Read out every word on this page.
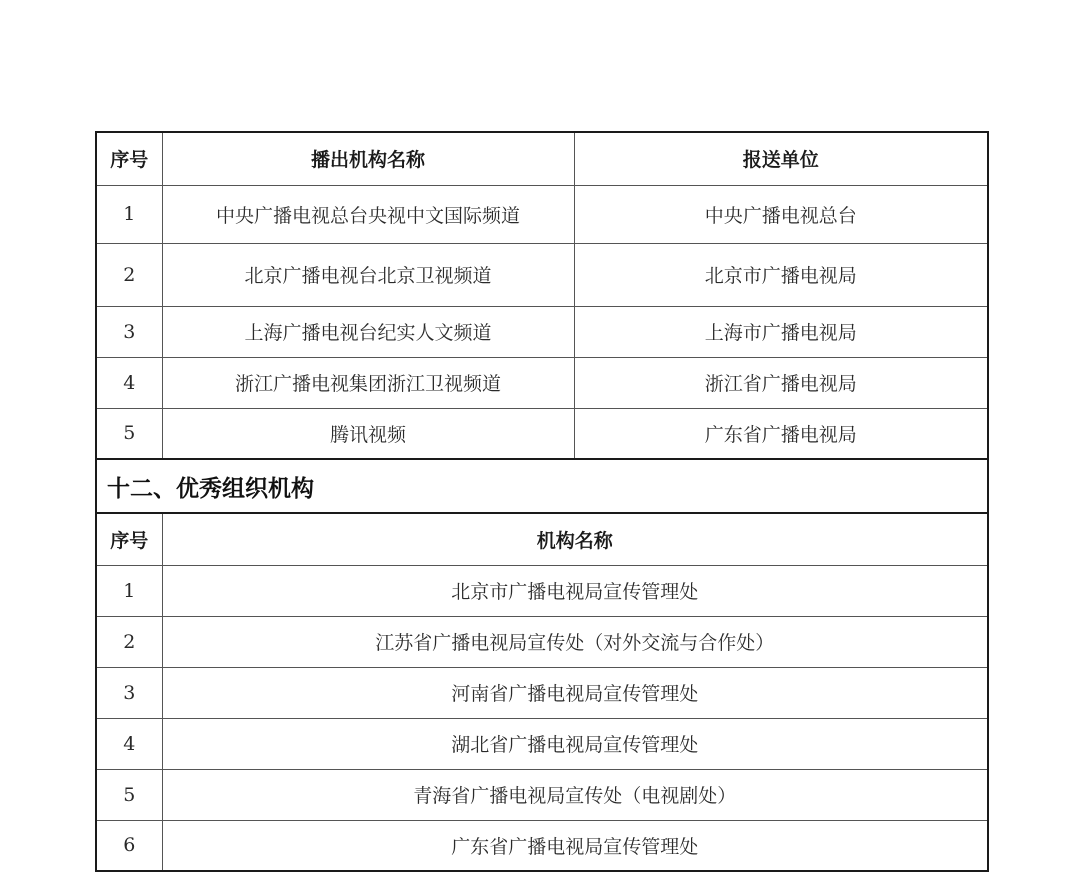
序号	播出机构名称	报送单位
1	中央广播电视总台央视中文国际频道	中央广播电视总台
2	北京广播电视台北京卫视频道	北京市广播电视局
3	上海广播电视台纪实人文频道	上海市广播电视局
4	浙江广播电视集团浙江卫视频道	浙江省广播电视局
5	腾讯视频	广东省广播电视局
十二、优秀组织机构		
序号	机构名称	
1	北京市广播电视局宣传管理处	
2	江苏省广播电视局宣传处（对外交流与合作处）	
3	河南省广播电视局宣传管理处	
4	湖北省广播电视局宣传管理处	
5	青海省广播电视局宣传处（电视剧处）	
6	广东省广播电视局宣传管理处	
